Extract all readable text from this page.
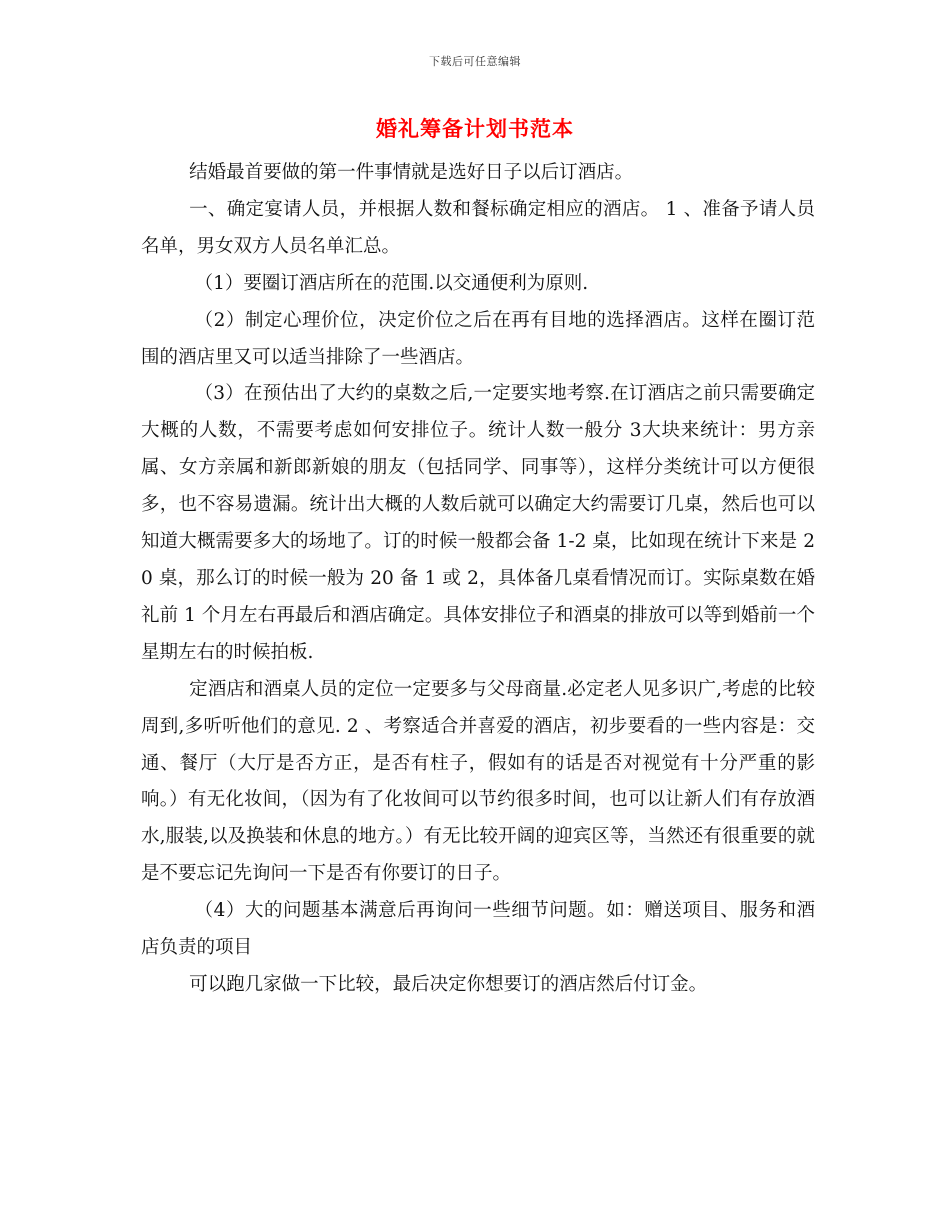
下载后可任意编辑
婚礼筹备计划书范本

结婚最首要做的第一件事情就是选好日子以后订酒店。

一、确定宴请人员，并根据人数和餐标确定相应的酒店。 1 、准备予请人员名单，男女双方人员名单汇总。

（1）要圈订酒店所在的范围.以交通便利为原则.

（2）制定心理价位，决定价位之后在再有目地的选择酒店。这样在圈订范围的酒店里又可以适当排除了一些酒店。

（3）在预估出了大约的桌数之后,一定要实地考察.在订酒店之前只需要确定大概的人数，不需要考虑如何安排位子。统计人数一般分 3大块来统计：男方亲属、女方亲属和新郎新娘的朋友（包括同学、同事等），这样分类统计可以方便很多，也不容易遗漏。统计出大概的人数后就可以确定大约需要订几桌，然后也可以知道大概需要多大的场地了。订的时候一般都会备 1-2 桌，比如现在统计下来是 20 桌，那么订的时候一般为 20 备 1 或 2，具体备几桌看情况而订。实际桌数在婚礼前 1 个月左右再最后和酒店确定。具体安排位子和酒桌的排放可以等到婚前一个星期左右的时候拍板.

定酒店和酒桌人员的定位一定要多与父母商量.必定老人见多识广,考虑的比较周到,多听听他们的意见. 2 、考察适合并喜爱的酒店，初步要看的一些内容是：交通、餐厅（大厅是否方正，是否有柱子，假如有的话是否对视觉有十分严重的影响。）有无化妆间，（因为有了化妆间可以节约很多时间，也可以让新人们有存放酒水,服装,以及换装和休息的地方。）有无比较开阔的迎宾区等，当然还有很重要的就是不要忘记先询问一下是否有你要订的日子。

（4）大的问题基本满意后再询问一些细节问题。如：赠送项目、服务和酒店负责的项目

可以跑几家做一下比较，最后决定你想要订的酒店然后付订金。
